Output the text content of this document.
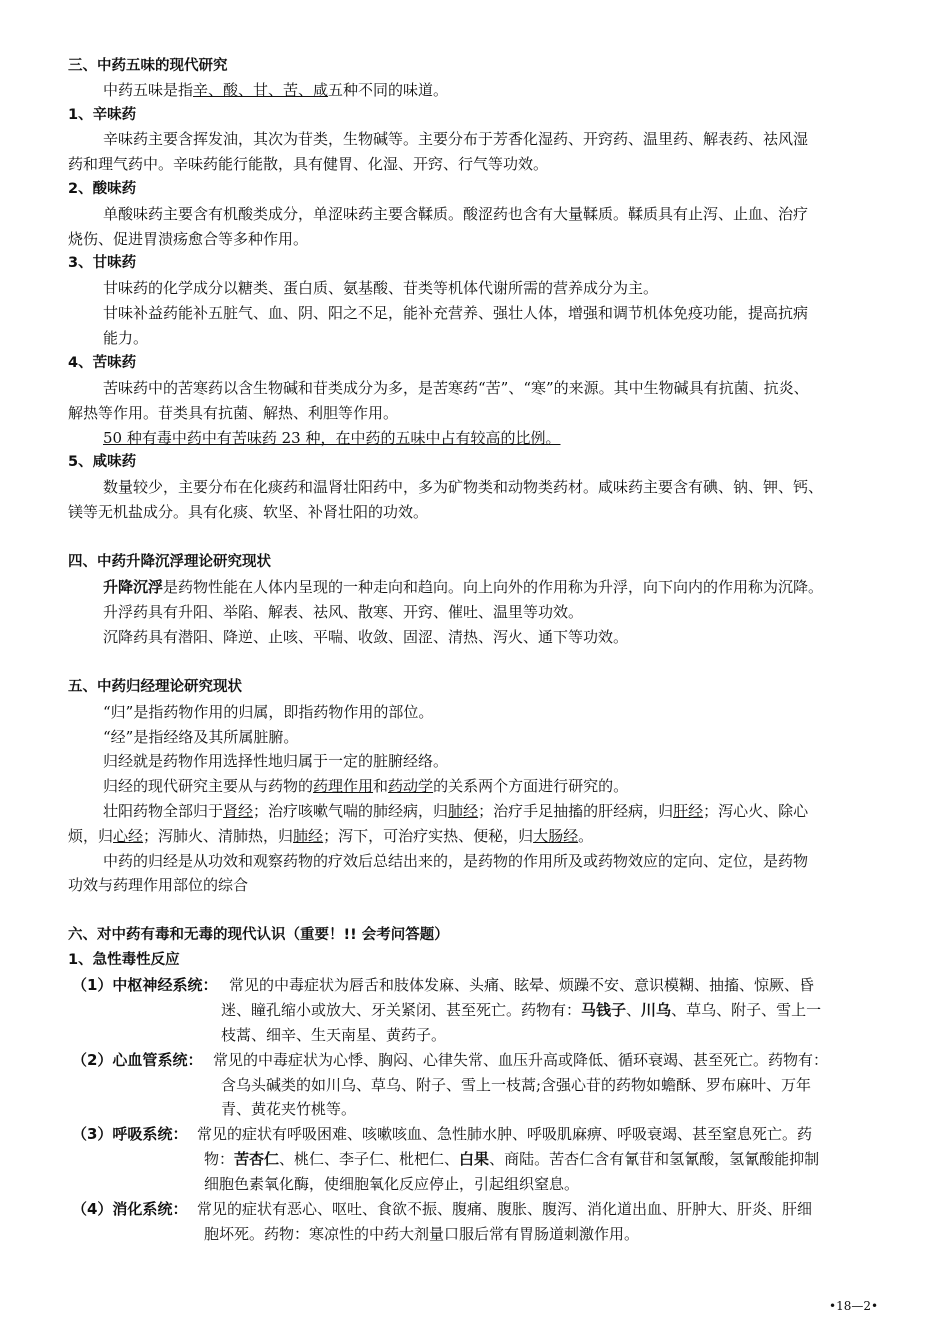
三、中药五味的现代研究
中药五味是指辛、酸、甘、苦、咸五种不同的味道。
1、辛味药
辛味药主要含挥发油，其次为苷类，生物碱等。主要分布于芳香化湿药、开窍药、温里药、解表药、祛风湿
药和理气药中。辛味药能行能散，具有健胃、化湿、开窍、行气等功效。
2、酸味药
单酸味药主要含有机酸类成分，单涩味药主要含鞣质。酸涩药也含有大量鞣质。鞣质具有止泻、止血、治疗
烧伤、促进胃溃疡愈合等多种作用。
3、甘味药
甘味药的化学成分以糖类、蛋白质、氨基酸、苷类等机体代谢所需的营养成分为主。
甘味补益药能补五脏气、血、阴、阳之不足，能补充营养、强壮人体，增强和调节机体免疫功能，提高抗病
能力。
4、苦味药
苦味药中的苦寒药以含生物碱和苷类成分为多，是苦寒药“苦”、“寒”的来源。其中生物碱具有抗菌、抗炎、
解热等作用。苷类具有抗菌、解热、利胆等作用。
50 种有毒中药中有苦味药 23 种，在中药的五味中占有较高的比例。
5、咸味药
数量较少，主要分布在化痰药和温肾壮阳药中，多为矿物类和动物类药材。咸味药主要含有碘、钠、钾、钙、
镁等无机盐成分。具有化痰、软坚、补肾壮阳的功效。
四、中药升降沉浮理论研究现状
升降沉浮是药物性能在人体内呈现的一种走向和趋向。向上向外的作用称为升浮，向下向内的作用称为沉降。
升浮药具有升阳、举陷、解表、祛风、散寒、开窍、催吐、温里等功效。
沉降药具有潜阳、降逆、止咳、平喘、收敛、固涩、清热、泻火、通下等功效。
五、中药归经理论研究现状
“归”是指药物作用的归属，即指药物作用的部位。
“经”是指经络及其所属脏腑。
归经就是药物作用选择性地归属于一定的脏腑经络。
归经的现代研究主要从与药物的药理作用和药动学的关系两个方面进行研究的。
壮阳药物全部归于肾经；治疗咳嗽气喘的肺经病，归肺经；治疗手足抽搐的肝经病，归肝经；泻心火、除心
烦，归心经；泻肺火、清肺热，归肺经；泻下，可治疗实热、便秘，归大肠经。
中药的归经是从功效和观察药物的疗效后总结出来的，是药物的作用所及或药物效应的定向、定位，是药物
功效与药理作用部位的综合
六、对中药有毒和无毒的现代认识（重要！!! 会考问答题）
1、急性毒性反应
（1）中枢神经系统： 常见的中毒症状为唇舌和肢体发麻、头痛、眩晕、烦躁不安、意识模糊、抽搐、惊厥、昏
迷、瞳孔缩小或放大、牙关紧闭、甚至死亡。药物有：马钱子、川乌、草乌、附子、雪上一
枝蒿、细辛、生天南星、黄药子。
（2）心血管系统： 常见的中毒症状为心悸、胸闷、心律失常、血压升高或降低、循环衰竭、甚至死亡。药物有：
含乌头碱类的如川乌、草乌、附子、雪上一枝蒿;含强心苷的药物如蟾酥、罗布麻叶、万年
青、黄花夹竹桃等。
（3）呼吸系统： 常见的症状有呼吸困难、咳嗽咳血、急性肺水肿、呼吸肌麻痹、呼吸衰竭、甚至窒息死亡。药
物：苦杏仁、桃仁、李子仁、枇杷仁、白果、商陆。苦杏仁含有氰苷和氢氰酸，氢氰酸能抑制
细胞色素氧化酶，使细胞氧化反应停止，引起组织窒息。
（4）消化系统： 常见的症状有恶心、呕吐、食欲不振、腹痛、腹胀、腹泻、消化道出血、肝肿大、肝炎、肝细
胞坏死。药物：寒凉性的中药大剂量口服后常有胃肠道刺激作用。
•18—2•
